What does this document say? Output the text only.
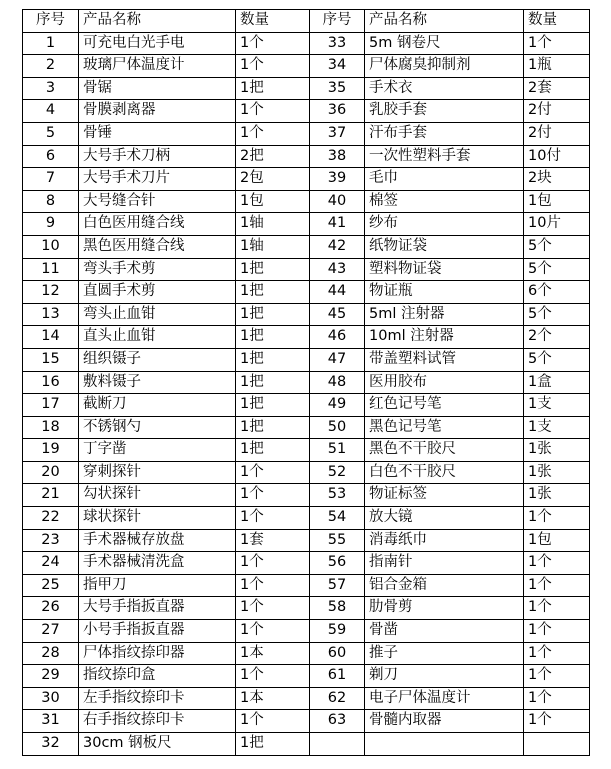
序号	产品名称	数量	序号	产品名称	数量
1	可充电白光手电	1个	33	5m 钢卷尺	1个
2	玻璃尸体温度计	1个	34	尸体腐臭抑制剂	1瓶
3	骨锯	1把	35	手术衣	2套
4	骨膜剥离器	1个	36	乳胶手套	2付
5	骨锤	1个	37	汗布手套	2付
6	大号手术刀柄	2把	38	一次性塑料手套	10付
7	大号手术刀片	2包	39	毛巾	2块
8	大号缝合针	1包	40	棉签	1包
9	白色医用缝合线	1轴	41	纱布	10片
10	黑色医用缝合线	1轴	42	纸物证袋	5个
11	弯头手术剪	1把	43	塑料物证袋	5个
12	直圆手术剪	1把	44	物证瓶	6个
13	弯头止血钳	1把	45	5ml 注射器	5个
14	直头止血钳	1把	46	10ml 注射器	2个
15	组织镊子	1把	47	带盖塑料试管	5个
16	敷料镊子	1把	48	医用胶布	1盒
17	截断刀	1把	49	红色记号笔	1支
18	不锈钢勺	1把	50	黑色记号笔	1支
19	丁字凿	1把	51	黑色不干胶尺	1张
20	穿刺探针	1个	52	白色不干胶尺	1张
21	勾状探针	1个	53	物证标签	1张
22	球状探针	1个	54	放大镜	1个
23	手术器械存放盘	1套	55	消毒纸巾	1包
24	手术器械清洗盒	1个	56	指南针	1个
25	指甲刀	1个	57	铝合金箱	1个
26	大号手指扳直器	1个	58	肋骨剪	1个
27	小号手指扳直器	1个	59	骨凿	1个
28	尸体指纹捺印器	1本	60	推子	1个
29	指纹捺印盒	1个	61	剃刀	1个
30	左手指纹捺印卡	1本	62	电子尸体温度计	1个
31	右手指纹捺印卡	1个	63	骨髓内取器	1个
32	30cm 钢板尺	1把			
